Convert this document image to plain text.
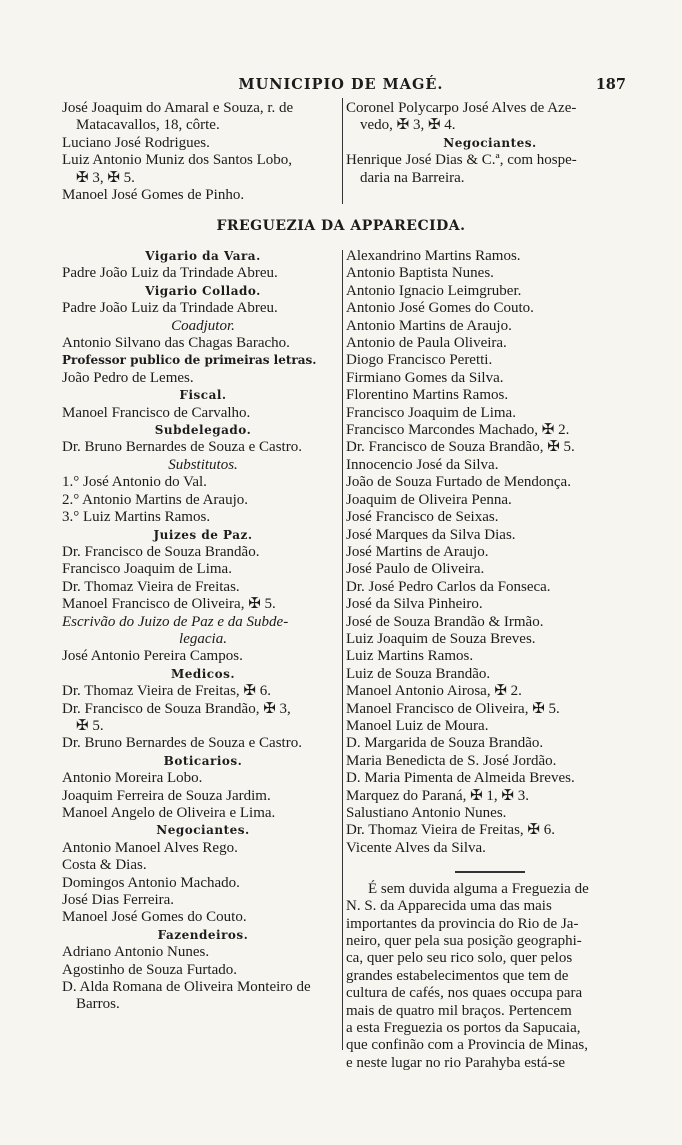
MUNICIPIO DE MAGÉ.	187
José Joaquim do Amaral e Souza, r. de
Matacavallos, 18, côrte.
Luciano José Rodrigues.
Luiz Antonio Muniz dos Santos Lobo,
✠ 3, ✠ 5.
Manoel José Gomes de Pinho.
Coronel Polycarpo José Alves de Aze-
vedo, ✠ 3, ✠ 4.
Negociantes.
Henrique José Dias & C.ª, com hospe-
daria na Barreira.
FREGUEZIA DA APPARECIDA.
Vigario da Vara.
Padre João Luiz da Trindade Abreu.
Vigario Collado.
Padre João Luiz da Trindade Abreu.
Coadjutor.
Antonio Silvano das Chagas Baracho.
Professor publico de primeiras letras.
João Pedro de Lemes.
Fiscal.
Manoel Francisco de Carvalho.
Subdelegado.
Dr. Bruno Bernardes de Souza e Castro.
Substitutos.
1.° José Antonio do Val.
2.° Antonio Martins de Araujo.
3.° Luiz Martins Ramos.
Juizes de Paz.
Dr. Francisco de Souza Brandão.
Francisco Joaquim de Lima.
Dr. Thomaz Vieira de Freitas.
Manoel Francisco de Oliveira, ✠ 5.
Escrivão do Juizo de Paz e da Subde-
legacia.
José Antonio Pereira Campos.
Medicos.
Dr. Thomaz Vieira de Freitas, ✠ 6.
Dr. Francisco de Souza Brandão, ✠ 3,
✠ 5.
Dr. Bruno Bernardes de Souza e Castro.
Boticarios.
Antonio Moreira Lobo.
Joaquim Ferreira de Souza Jardim.
Manoel Angelo de Oliveira e Lima.
Negociantes.
Antonio Manoel Alves Rego.
Costa & Dias.
Domingos Antonio Machado.
José Dias Ferreira.
Manoel José Gomes do Couto.
Fazendeiros.
Adriano Antonio Nunes.
Agostinho de Souza Furtado.
D. Alda Romana de Oliveira Monteiro de
Barros.
Alexandrino Martins Ramos.
Antonio Baptista Nunes.
Antonio Ignacio Leimgruber.
Antonio José Gomes do Couto.
Antonio Martins de Araujo.
Antonio de Paula Oliveira.
Diogo Francisco Peretti.
Firmiano Gomes da Silva.
Florentino Martins Ramos.
Francisco Joaquim de Lima.
Francisco Marcondes Machado, ✠ 2.
Dr. Francisco de Souza Brandão, ✠ 5.
Innocencio José da Silva.
João de Souza Furtado de Mendonça.
Joaquim de Oliveira Penna.
José Francisco de Seixas.
José Marques da Silva Dias.
José Martins de Araujo.
José Paulo de Oliveira.
Dr. José Pedro Carlos da Fonseca.
José da Silva Pinheiro.
José de Souza Brandão & Irmão.
Luiz Joaquim de Souza Breves.
Luiz Martins Ramos.
Luiz de Souza Brandão.
Manoel Antonio Airosa, ✠ 2.
Manoel Francisco de Oliveira, ✠ 5.
Manoel Luiz de Moura.
D. Margarida de Souza Brandão.
Maria Benedicta de S. José Jordão.
D. Maria Pimenta de Almeida Breves.
Marquez do Paraná, ✠ 1, ✠ 3.
Salustiano Antonio Nunes.
Dr. Thomaz Vieira de Freitas, ✠ 6.
Vicente Alves da Silva.
É sem duvida alguma a Freguezia de
N. S. da Apparecida uma das mais
importantes da provincia do Rio de Ja-
neiro, quer pela sua posição geographi-
ca, quer pelo seu rico solo, quer pelos
grandes estabelecimentos que tem de
cultura de cafés, nos quaes occupa para
mais de quatro mil braços. Pertencem
a esta Freguezia os portos da Sapucaia,
que confinão com a Provincia de Minas,
e neste lugar no rio Parahyba está-se
